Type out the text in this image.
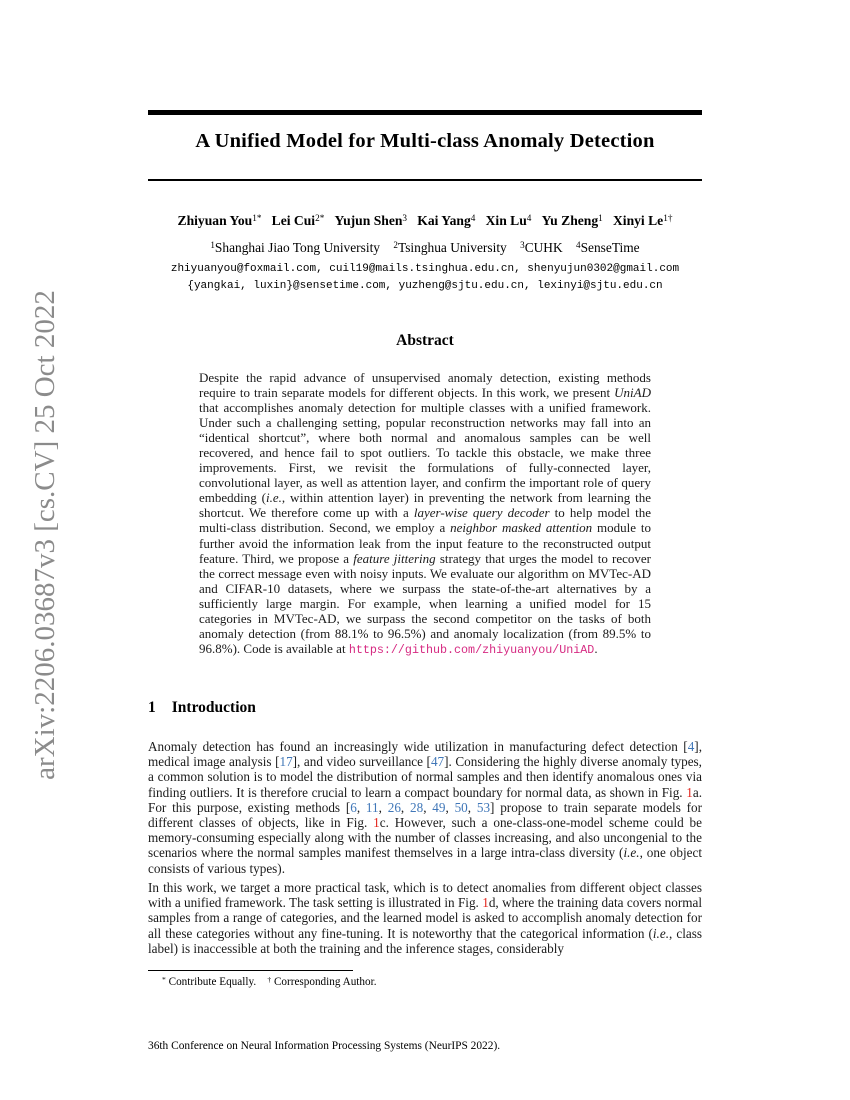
arXiv:2206.03687v3 [cs.CV] 25 Oct 2022
A Unified Model for Multi-class Anomaly Detection
Zhiyuan You$^{1*}$ Lei Cui$^{2*}$ Yujun Shen$^3$ Kai Yang$^4$ Xin Lu$^4$ Yu Zheng$^1$ Xinyi $Le^{1\dagger}$
$^1$Shanghai Jiao Tong University $^2$Tsinghua University $^3$CUHK $^4$SenseTime
zhiyuanyou@foxmail.com, cuil19@mails.tsinghua.edu.cn, shenyujun0302@gmail.com
{yangkai, luxin}@sensetime.com, yuzheng@sjtu.edu.cn, lexinyi@sjtu.edu.cn
Abstract
Despite the rapid advance of unsupervised anomaly detection, existing methods require to train separate models for different objects. In this work, we present UniAD that accomplishes anomaly detection for multiple classes with a unified framework. Under such a challenging setting, popular reconstruction networks may fall into an “identical shortcut”, where both normal and anomalous samples can be well recovered, and hence fail to spot outliers. To tackle this obstacle, we make three improvements. First, we revisit the formulations of fully-connected layer, convolutional layer, as well as attention layer, and confirm the important role of query embedding (i.e., within attention layer) in preventing the network from learning the shortcut. We therefore come up with a layer-wise query decoder to help model the multi-class distribution. Second, we employ a neighbor masked attention module to further avoid the information leak from the input feature to the reconstructed output feature. Third, we propose a feature jittering strategy that urges the model to recover the correct message even with noisy inputs. We evaluate our algorithm on MVTec-AD and CIFAR-10 datasets, where we surpass the state-of-the-art alternatives by a sufficiently large margin. For example, when learning a unified model for 15 categories in MVTec-AD, we surpass the second competitor on the tasks of both anomaly detection (from 88.1% to 96.5%) and anomaly localization (from 89.5% to 96.8%). Code is available at https://github.com/zhiyuanyou/UniAD.
1 Introduction
Anomaly detection has found an increasingly wide utilization in manufacturing defect detection [4], medical image analysis [17], and video surveillance [47]. Considering the highly diverse anomaly types, a common solution is to model the distribution of normal samples and then identify anomalous ones via finding outliers. It is therefore crucial to learn a compact boundary for normal data, as shown in Fig. 1a. For this purpose, existing methods [6, 11, 26, 28, 49, 50, 53] propose to train separate models for different classes of objects, like in Fig. 1c. However, such a one-class-one-model scheme could be memory-consuming especially along with the number of classes increasing, and also uncongenial to the scenarios where the normal samples manifest themselves in a large intra-class diversity (i.e., one object consists of various types).
In this work, we target a more practical task, which is to detect anomalies from different object classes with a unified framework. The task setting is illustrated in Fig. 1d, where the training data covers normal samples from a range of categories, and the learned model is asked to accomplish anomaly detection for all these categories without any fine-tuning. It is noteworthy that the categorical information (i.e., class label) is inaccessible at both the training and the inference stages, considerably
* Contribute Equally.    † Corresponding Author.
36th Conference on Neural Information Processing Systems (NeurIPS 2022).
